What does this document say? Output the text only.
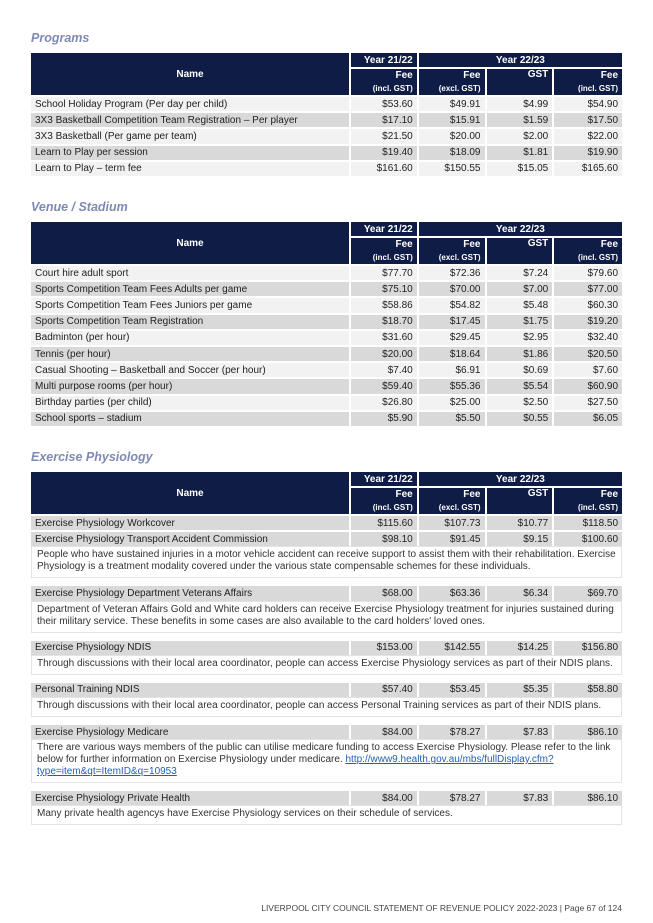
Programs
Name	Year 21/22	Year 22/23		
	Fee	Fee	GST	Fee
	(incl. GST)	(excl. GST)		(incl. GST)
School Holiday Program (Per day per child)	$53.60	$49.91	$4.99	$54.90
3X3 Basketball Competition Team Registration – Per player	$17.10	$15.91	$1.59	$17.50
3X3 Basketball (Per game per team)	$21.50	$20.00	$2.00	$22.00
Learn to Play per session	$19.40	$18.09	$1.81	$19.90
Learn to Play – term fee	$161.60	$150.55	$15.05	$165.60
Venue / Stadium
Name	Year 21/22	Year 22/23		
	Fee	Fee	GST	Fee
	(incl. GST)	(excl. GST)		(incl. GST)
Court hire adult sport	$77.70	$72.36	$7.24	$79.60
Sports Competition Team Fees Adults per game	$75.10	$70.00	$7.00	$77.00
Sports Competition Team Fees Juniors per game	$58.86	$54.82	$5.48	$60.30
Sports Competition Team Registration	$18.70	$17.45	$1.75	$19.20
Badminton (per hour)	$31.60	$29.45	$2.95	$32.40
Tennis (per hour)	$20.00	$18.64	$1.86	$20.50
Casual Shooting – Basketball and Soccer (per hour)	$7.40	$6.91	$0.69	$7.60
Multi purpose rooms (per hour)	$59.40	$55.36	$5.54	$60.90
Birthday parties (per child)	$26.80	$25.00	$2.50	$27.50
School sports – stadium	$5.90	$5.50	$0.55	$6.05
Exercise Physiology
Name	Year 21/22	Year 22/23		
	Fee	Fee	GST	Fee
	(incl. GST)	(excl. GST)		(incl. GST)
Exercise Physiology Workcover	$115.60	$107.73	$10.77	$118.50
Exercise Physiology Transport Accident Commission	$98.10	$91.45	$9.15	$100.60
People who have sustained injuries in a motor vehicle accident can receive support to assist them with their rehabilitation. Exercise Physiology is a treatment modality covered under the various state compensable schemes for these individuals.				

Exercise Physiology Department Veterans Affairs	$68.00	$63.36	$6.34	$69.70
Department of Veteran Affairs Gold and White card holders can receive Exercise Physiology treatment for injuries sustained during their military service. These benefits in some cases are also available to the card holders' loved ones.				

Exercise Physiology NDIS	$153.00	$142.55	$14.25	$156.80
Through discussions with their local area coordinator, people can access Exercise Physiology services as part of their NDIS plans.				

Personal Training NDIS	$57.40	$53.45	$5.35	$58.80
Through discussions with their local area coordinator, people can access Personal Training services as part of their NDIS plans.				

Exercise Physiology Medicare	$84.00	$78.27	$7.83	$86.10
There are various ways members of the public can utilise medicare funding to access Exercise Physiology. Please refer to the link below for further information on Exercise Physiology under medicare. http://www9.health.gov.au/mbs/fullDisplay.cfm?type=item&qt=ItemID&q=10953				

Exercise Physiology Private Health	$84.00	$78.27	$7.83	$86.10
Many private health agencys have Exercise Physiology services on their schedule of services.				
LIVERPOOL CITY COUNCIL STATEMENT OF REVENUE POLICY 2022-2023 | Page 67 of 124
